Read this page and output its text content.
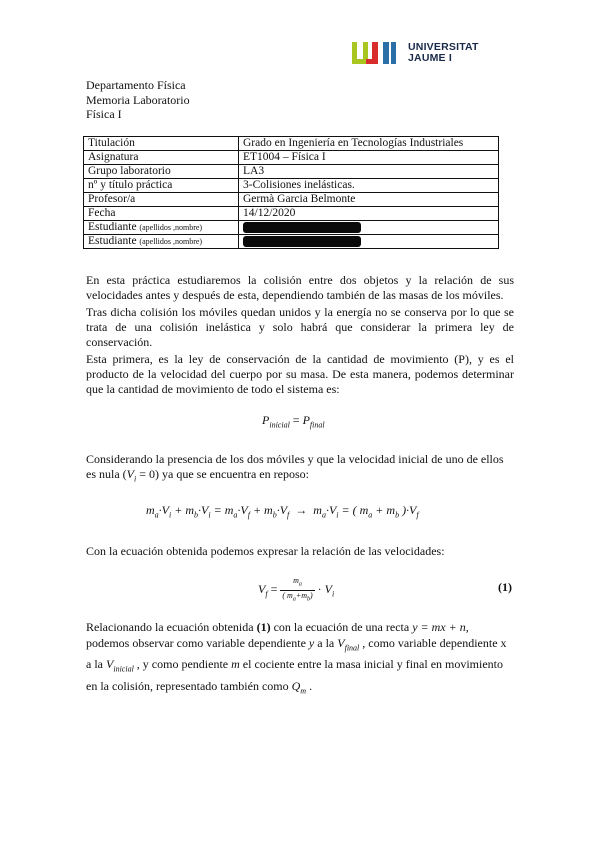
UNIVERSITAT
JAUME I
Departamento Física
Memoria Laboratorio
Física I
Titulación	Grado en Ingeniería en Tecnologías Industriales
Asignatura	ET1004 – Física I
Grupo laboratorio	LA3
nº y título práctica	3-Colisiones inelásticas.
Profesor/a	Germà Garcia Belmonte
Fecha	14/12/2020
Estudiante (apellidos ,nombre)	
Estudiante (apellidos ,nombre)	
En esta práctica estudiaremos la colisión entre dos objetos y la relación de sus velocidades antes y después de esta, dependiendo también de las masas de los móviles.
Tras dicha colisión los móviles quedan unidos y la energía no se conserva por lo que se trata de una colisión inelástica y solo habrá que considerar la primera ley de conservación.
Esta primera, es la ley de conservación de la cantidad de movimiento (P), y es el producto de la velocidad del cuerpo por su masa. De esta manera, podemos determinar que la cantidad de movimiento de todo el sistema es:
$P_{inicial} = P_{final}$
Considerando la presencia de los dos móviles y que la velocidad inicial de uno de ellos es nula $(V_i = 0)$ ya que se encuentra en reposo:
$m_a\cdot V_i + m_b\cdot V_i = m_a\cdot V_f + m_b\cdot V_f \to m_a\cdot V_i$ = ( $m_a + m_b$ )$\cdot V_f$
Con la ecuación obtenida podemos expresar la relación de las velocidades:
$V_f = \frac{m_a}{( m_a+m_b)} \cdot V_i$	(1)
Relacionando la ecuación obtenida (1) con la ecuación de una recta y = mx + n, podemos observar como variable dependiente y a la $V_{final}$ , como variable dependiente x a la $V_{inicial}$ , y como pendiente m el cociente entre la masa inicial y final en movimiento en la colisión, representado también como $Q_m$ .
